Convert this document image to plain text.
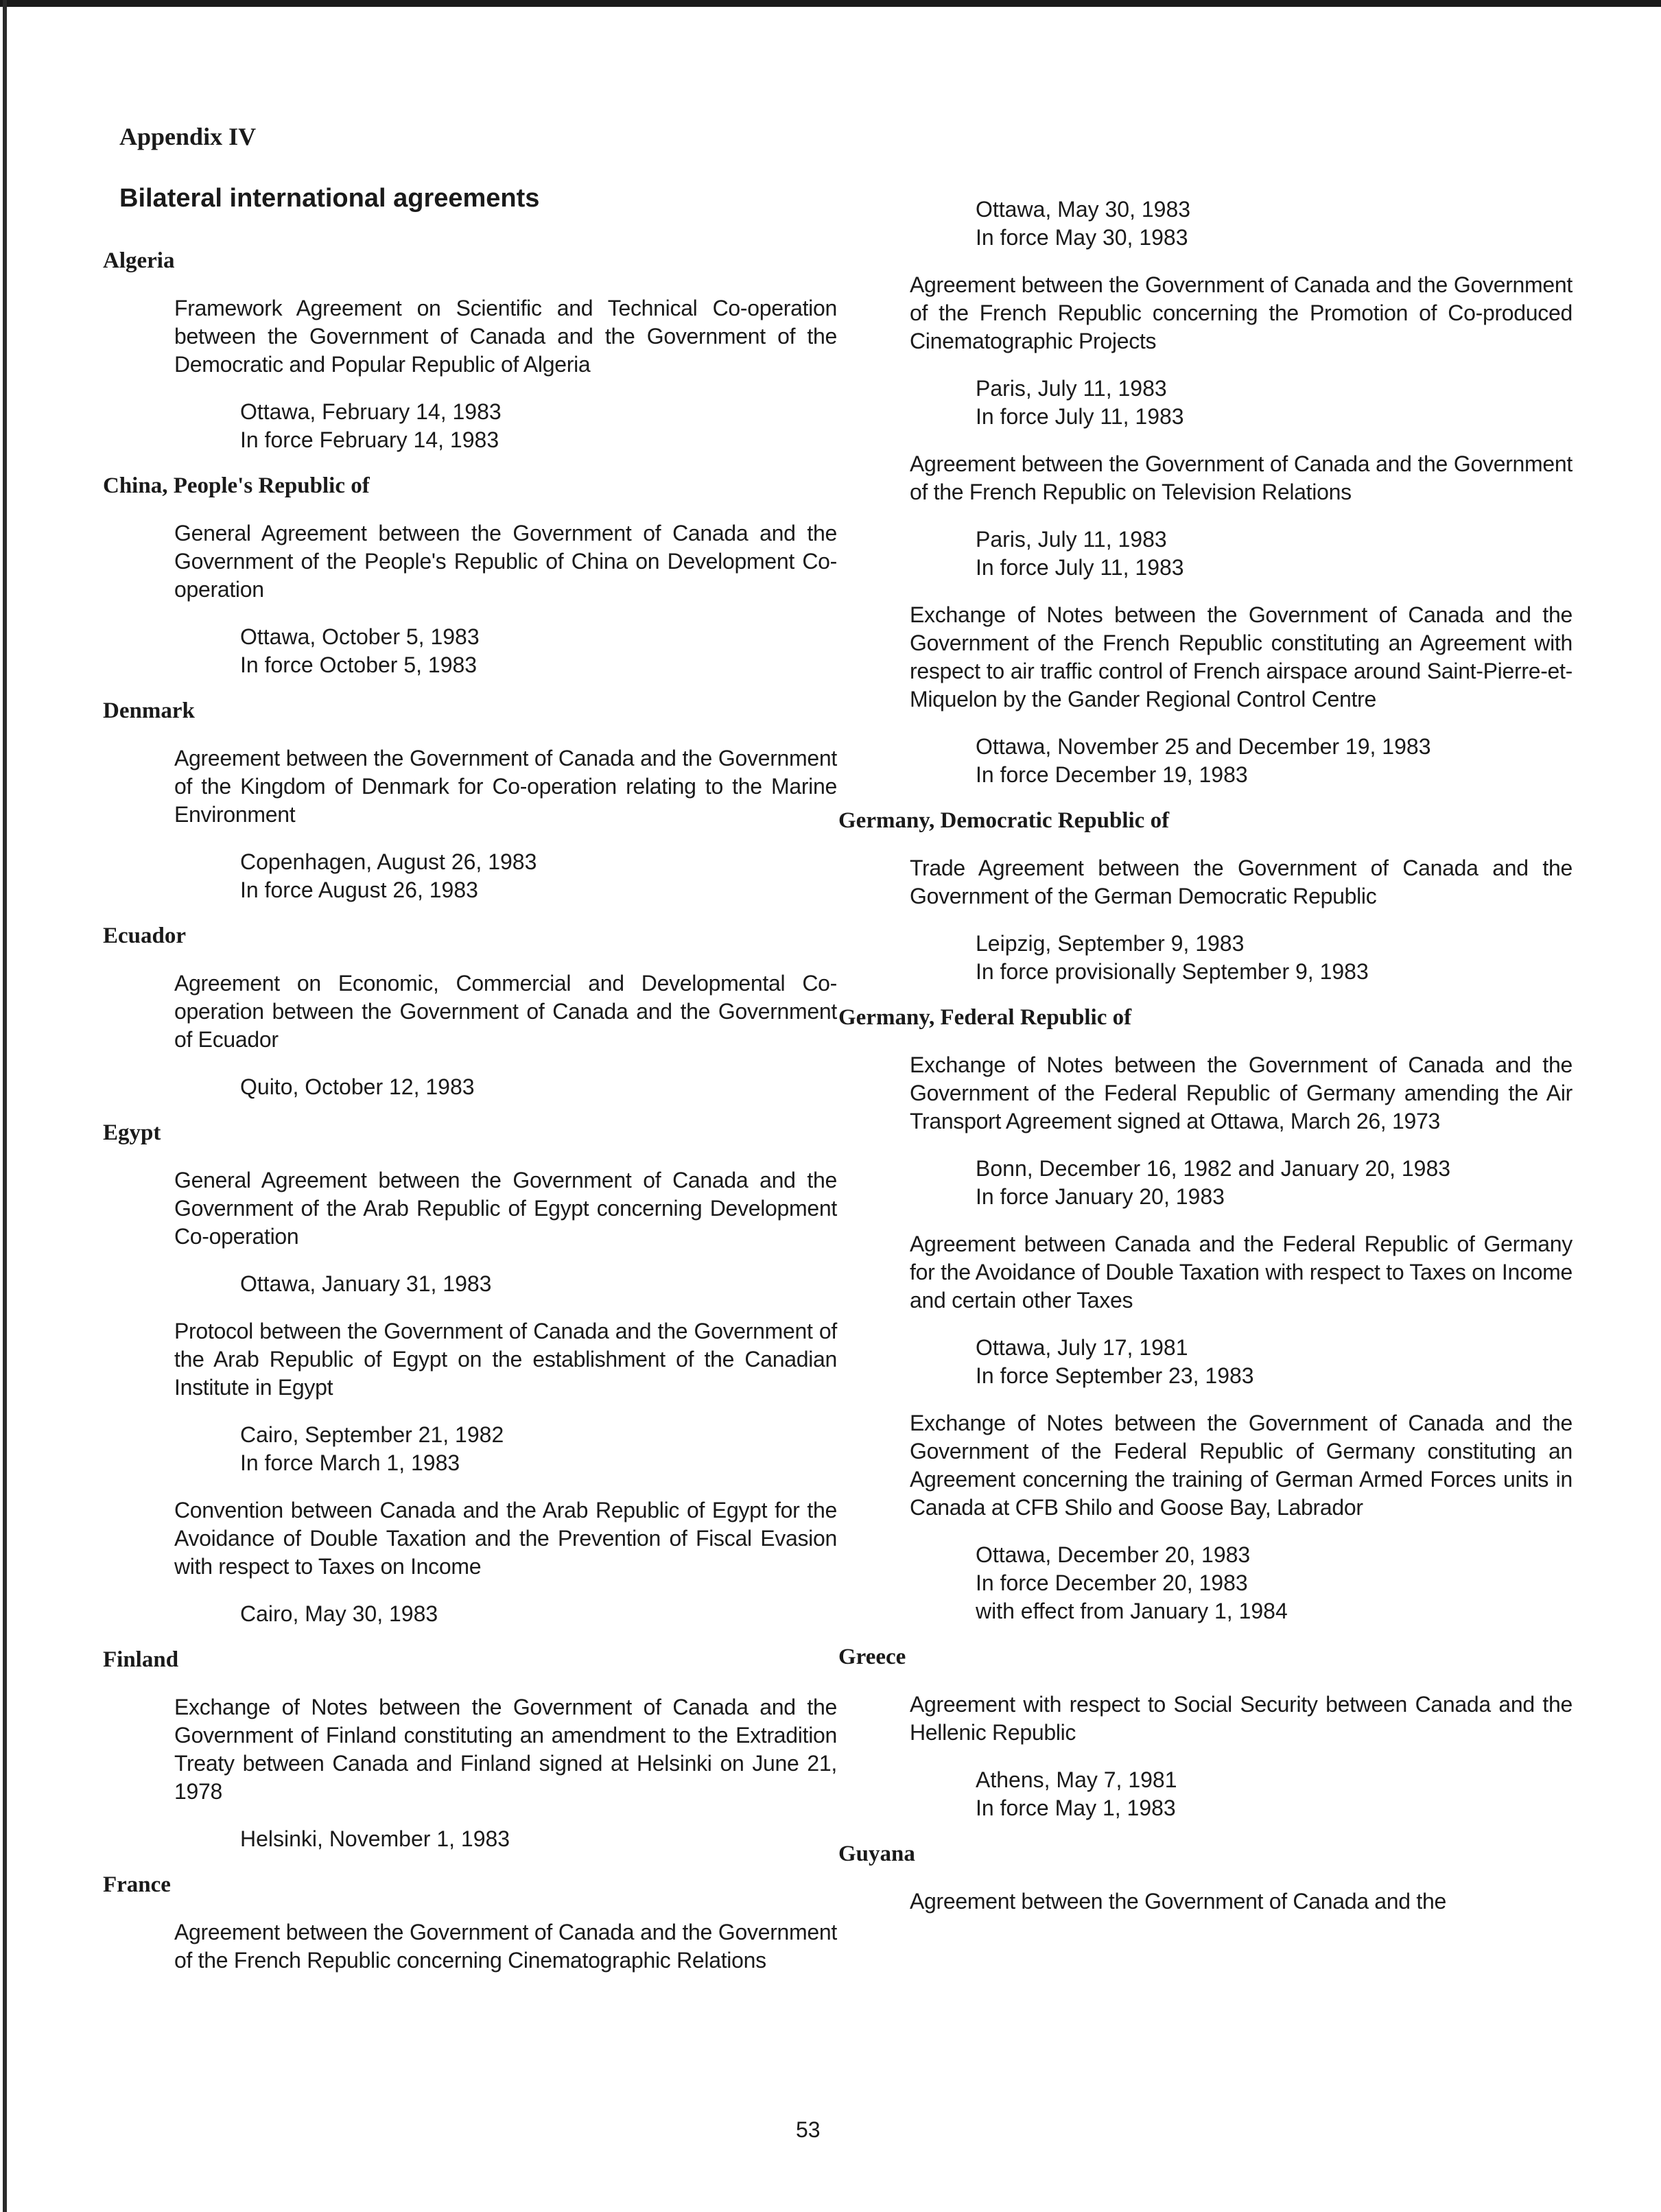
Appendix IV
Bilateral international agreements
Algeria
Framework Agreement on Scientific and Technical Co-operation between the Government of Canada and the Government of the Democratic and Popular Republic of Algeria
Ottawa, February 14, 1983
In force February 14, 1983
China, People's Republic of
General Agreement between the Government of Canada and the Government of the People's Republic of China on Development Co-operation
Ottawa, October 5, 1983
In force October 5, 1983
Denmark
Agreement between the Government of Canada and the Government of the Kingdom of Denmark for Co-operation relating to the Marine Environment
Copenhagen, August 26, 1983
In force August 26, 1983
Ecuador
Agreement on Economic, Commercial and Developmental Co-operation between the Government of Canada and the Government of Ecuador
Quito, October 12, 1983
Egypt
General Agreement between the Government of Canada and the Government of the Arab Republic of Egypt concerning Development Co-operation
Ottawa, January 31, 1983
Protocol between the Government of Canada and the Government of the Arab Republic of Egypt on the establishment of the Canadian Institute in Egypt
Cairo, September 21, 1982
In force March 1, 1983
Convention between Canada and the Arab Republic of Egypt for the Avoidance of Double Taxation and the Prevention of Fiscal Evasion with respect to Taxes on Income
Cairo, May 30, 1983
Finland
Exchange of Notes between the Government of Canada and the Government of Finland constituting an amendment to the Extradition Treaty between Canada and Finland signed at Helsinki on June 21, 1978
Helsinki, November 1, 1983
France
Agreement between the Government of Canada and the Government of the French Republic concerning Cinematographic Relations
Ottawa, May 30, 1983
In force May 30, 1983
Agreement between the Government of Canada and the Government of the French Republic concerning the Promotion of Co-produced Cinematographic Projects
Paris, July 11, 1983
In force July 11, 1983
Agreement between the Government of Canada and the Government of the French Republic on Television Relations
Paris, July 11, 1983
In force July 11, 1983
Exchange of Notes between the Government of Canada and the Government of the French Republic constituting an Agreement with respect to air traffic control of French airspace around Saint-Pierre-et-Miquelon by the Gander Regional Control Centre
Ottawa, November 25 and December 19, 1983
In force December 19, 1983
Germany, Democratic Republic of
Trade Agreement between the Government of Canada and the Government of the German Democratic Republic
Leipzig, September 9, 1983
In force provisionally September 9, 1983
Germany, Federal Republic of
Exchange of Notes between the Government of Canada and the Government of the Federal Republic of Germany amending the Air Transport Agreement signed at Ottawa, March 26, 1973
Bonn, December 16, 1982 and January 20, 1983
In force January 20, 1983
Agreement between Canada and the Federal Republic of Germany for the Avoidance of Double Taxation with respect to Taxes on Income and certain other Taxes
Ottawa, July 17, 1981
In force September 23, 1983
Exchange of Notes between the Government of Canada and the Government of the Federal Republic of Germany constituting an Agreement concerning the training of German Armed Forces units in Canada at CFB Shilo and Goose Bay, Labrador
Ottawa, December 20, 1983
In force December 20, 1983
with effect from January 1, 1984
Greece
Agreement with respect to Social Security between Canada and the Hellenic Republic
Athens, May 7, 1981
In force May 1, 1983
Guyana
Agreement between the Government of Canada and the
53
